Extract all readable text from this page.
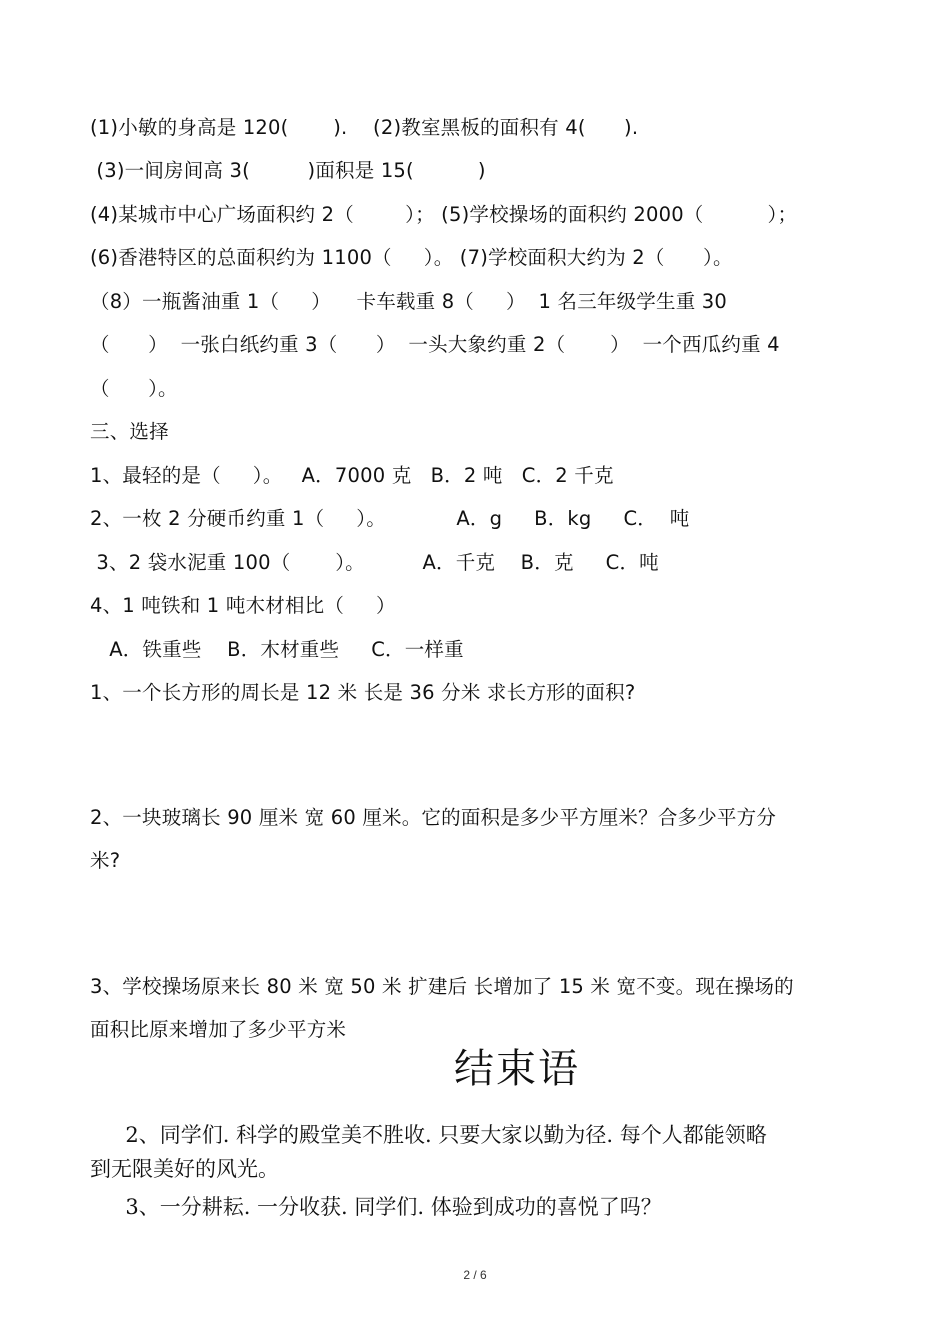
(1)小敏的身高是 120(       ).    (2)教室黑板的面积有 4(      ).
(3)一间房间高 3(         )面积是 15(          )
(4)某城市中心广场面积约 2（        ）； (5)学校操场的面积约 2000（          ）；
(6)香港特区的总面积约为 1100（     ）。 (7)学校面积大约为 2（      ）。
（8）一瓶酱油重 1（     ）    卡车载重 8（     ）  1 名三年级学生重 30
（      ）  一张白纸约重 3（      ）  一头大象约重 2（       ）  一个西瓜约重 4
（      ）。
三、选择
1、最轻的是（     ）。   A．7000 克   B．2 吨   C．2 千克
2、一枚 2 分硬币约重 1（     ）。           A．g     B．kg     C．  吨
3、2 袋水泥重 100（       ）。         A．千克    B．克     C．吨
4、1 吨铁和 1 吨木材相比（     ）
A．铁重些    B．木材重些     C．一样重
1、一个长方形的周长是 12 米 长是 36 分米 求长方形的面积?
2、一块玻璃长 90 厘米 宽 60 厘米。它的面积是多少平方厘米？合多少平方分
米?
3、学校操场原来长 80 米 宽 50 米 扩建后 长增加了 15 米 宽不变。现在操场的
面积比原来增加了多少平方米
结束语
2、同学们. 科学的殿堂美不胜收. 只要大家以勤为径. 每个人都能领略
到无限美好的风光。
3、一分耕耘. 一分收获. 同学们. 体验到成功的喜悦了吗？
2 / 6
